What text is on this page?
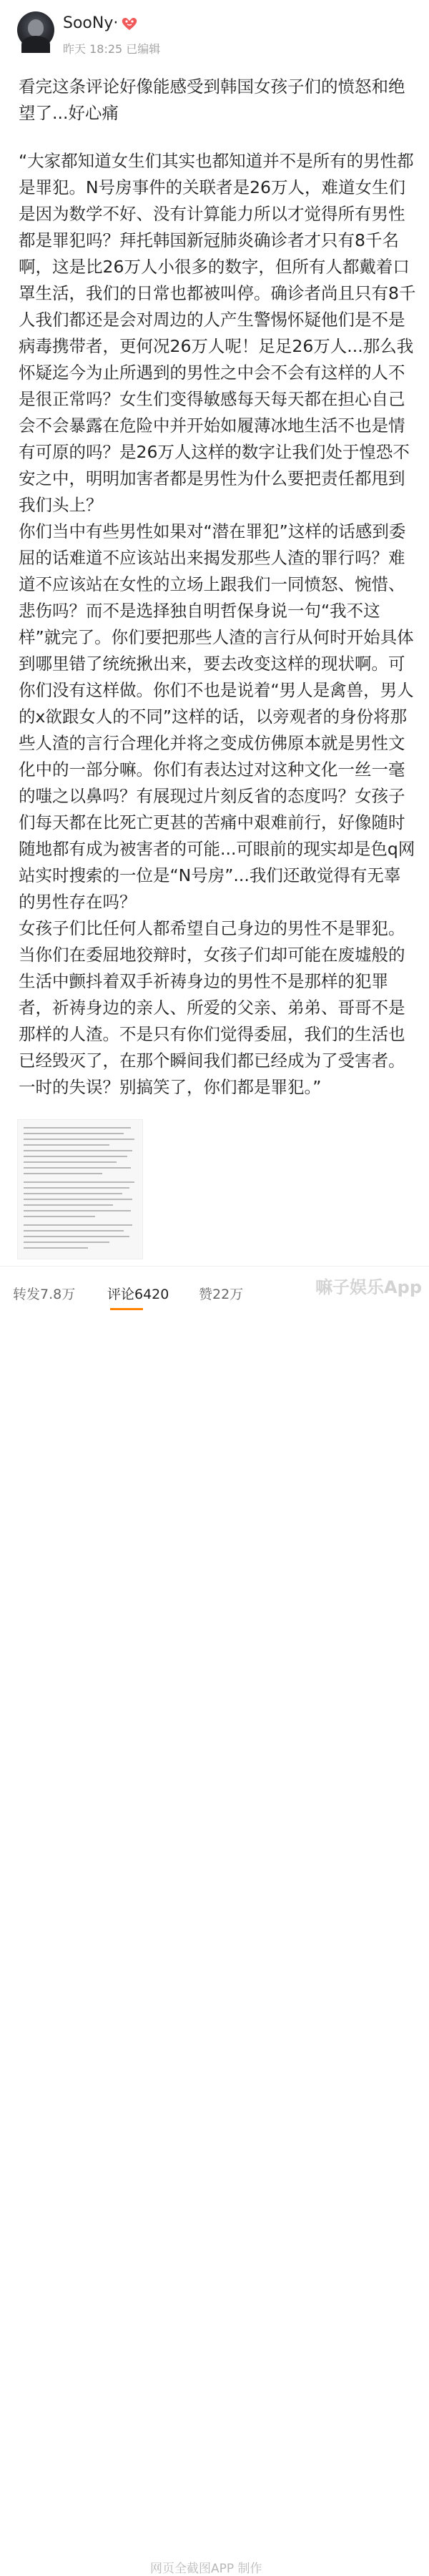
SooNy·
昨天 18:25 已编辑

看完这条评论好像能感受到韩国女孩子们的愤怒和绝望了...好心痛

“大家都知道女生们其实也都知道并不是所有的男性都是罪犯。N号房事件的关联者是26万人，难道女生们是因为数学不好、没有计算能力所以才觉得所有男性都是罪犯吗？拜托韩国新冠肺炎确诊者才只有8千名啊，这是比26万人小很多的数字，但所有人都戴着口罩生活，我们的日常也都被叫停。确诊者尚且只有8千人我们都还是会对周边的人产生警惕怀疑他们是不是病毒携带者，更何况26万人呢！足足26万人...那么我怀疑迄今为止所遇到的男性之中会不会有这样的人不是很正常吗？女生们变得敏感每天每天都在担心自己会不会暴露在危险中并开始如履薄冰地生活不也是情有可原的吗？是26万人这样的数字让我们处于惶恐不安之中，明明加害者都是男性为什么要把责任都甩到我们头上？
你们当中有些男性如果对“潜在罪犯”这样的话感到委屈的话难道不应该站出来揭发那些人渣的罪行吗？难道不应该站在女性的立场上跟我们一同愤怒、惋惜、悲伤吗？而不是选择独自明哲保身说一句“我不这样”就完了。你们要把那些人渣的言行从何时开始具体到哪里错了统统揪出来，要去改变这样的现状啊。可你们没有这样做。你们不也是说着“男人是禽兽，男人的x欲跟女人的不同”这样的话，以旁观者的身份将那些人渣的言行合理化并将之变成仿佛原本就是男性文化中的一部分嘛。你们有表达过对这种文化一丝一毫的嗤之以鼻吗？有展现过片刻反省的态度吗？女孩子们每天都在比死亡更甚的苦痛中艰难前行，好像随时随地都有成为被害者的可能...可眼前的现实却是色q网站实时搜索的一位是“N号房”...我们还敢觉得有无辜的男性存在吗？
女孩子们比任何人都希望自己身边的男性不是罪犯。当你们在委屈地狡辩时，女孩子们却可能在废墟般的生活中颤抖着双手祈祷身边的男性不是那样的犯罪者，祈祷身边的亲人、所爱的父亲、弟弟、哥哥不是那样的人渣。不是只有你们觉得委屈，我们的生活也已经毁灭了，在那个瞬间我们都已经成为了受害者。一时的失误？别搞笑了，你们都是罪犯。”

转发7.8万 评论6420 赞22万
网页全截图APP 制作
嘛子娱乐App
